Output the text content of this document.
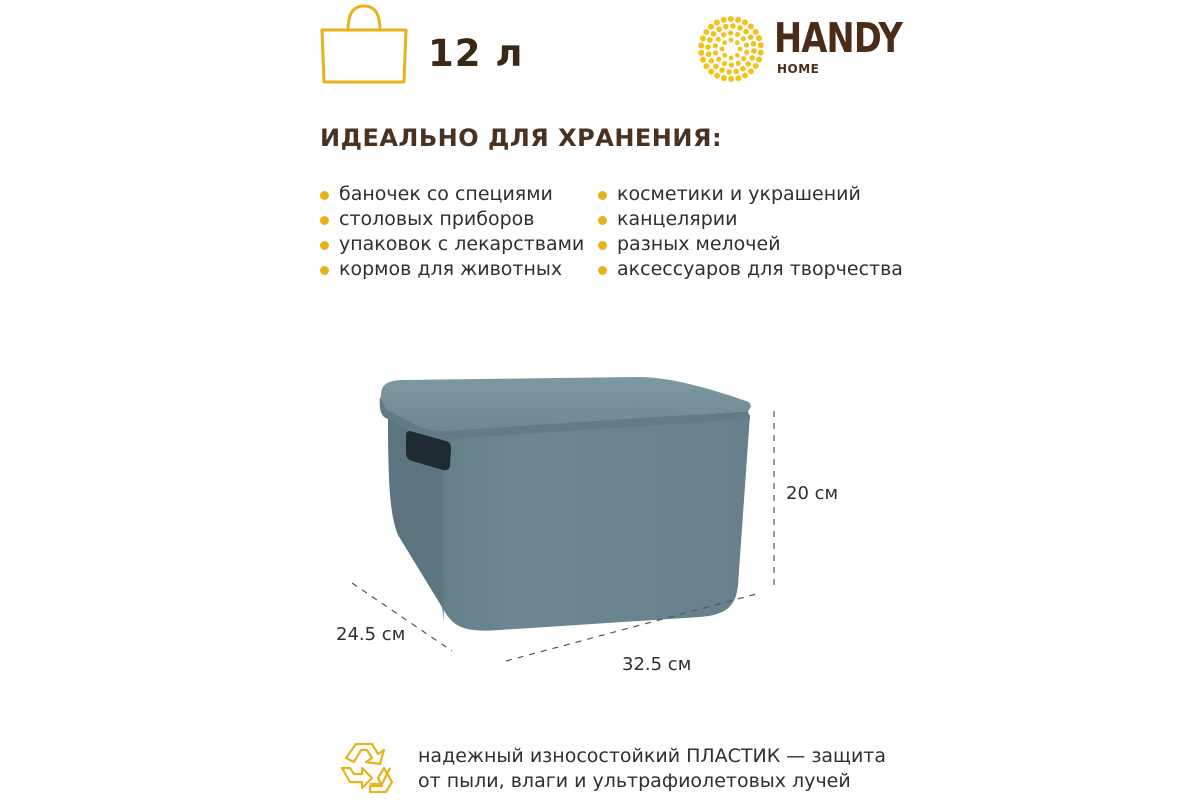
12 л	HANDY
HOME
ИДЕАЛЬНО ДЛЯ ХРАНЕНИЯ:
баночек со специями
столовых приборов
упаковок с лекарствами
кормов для животных
косметики и украшений
канцелярии
разных мелочей
аксессуаров для творчества
20 см
24.5 см
32.5 см
надежный износостойкий ПЛАСТИК — защита
от пыли, влаги и ультрафиолетовых лучей
